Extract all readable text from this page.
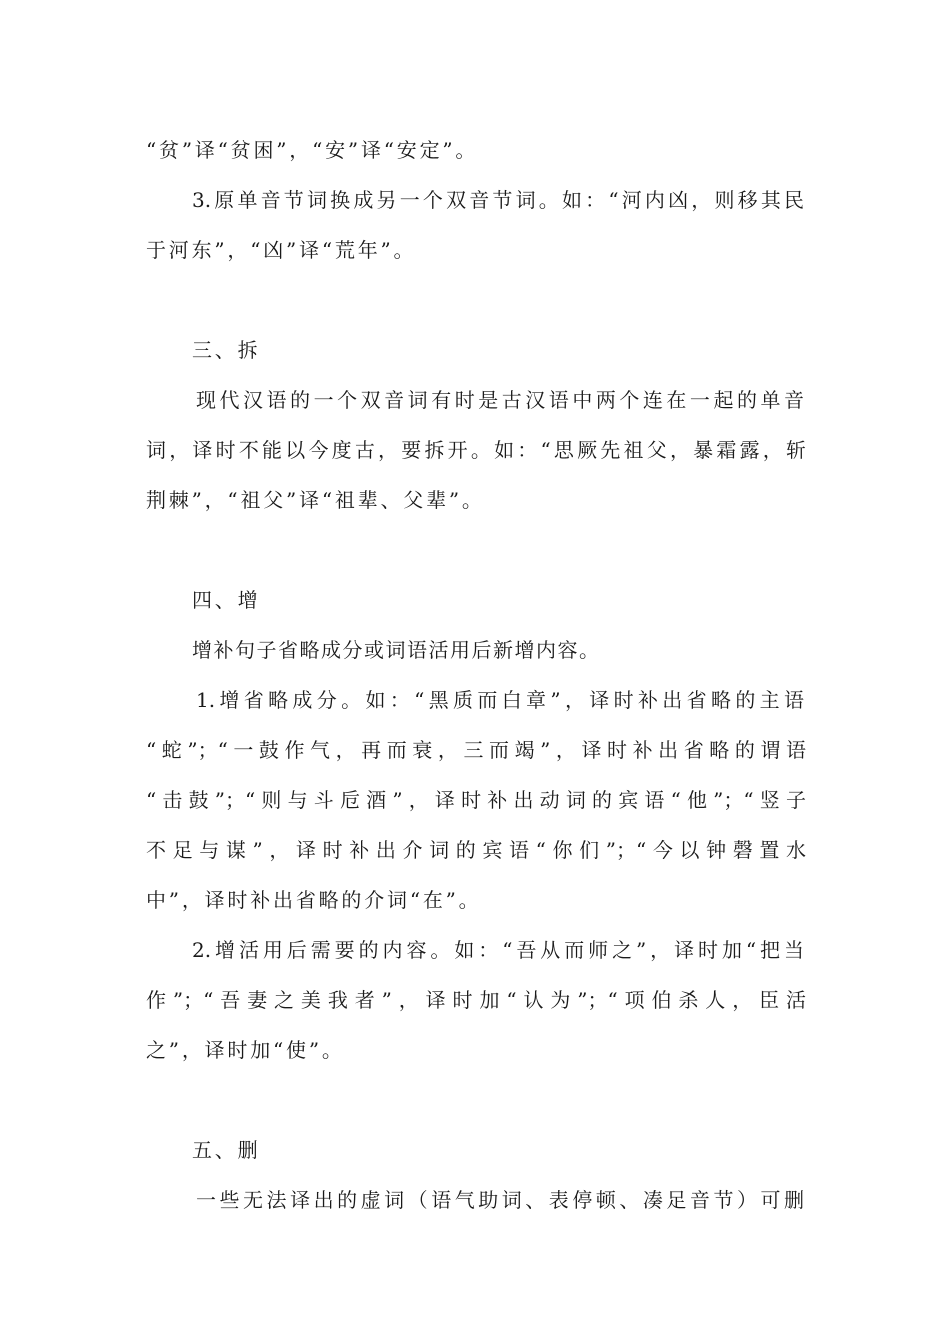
“贫”译“贫困”，“安”译“安定”。
3.原单音节词换成另一个双音节词。如：“河内凶，则移其民
于河东”，“凶”译“荒年”。
三、拆
现代汉语的一个双音词有时是古汉语中两个连在一起的单音
词，译时不能以今度古，要拆开。如：“思厥先祖父，暴霜露，斩
荆棘”，“祖父”译“祖辈、父辈”。
四、增
增补句子省略成分或词语活用后新增内容。
1.增省略成分。如：“黑质而白章”，译时补出省略的主语
“蛇”；“一鼓作气，再而衰，三而竭”，译时补出省略的谓语
“击鼓”；“则与斗卮酒”，译时补出动词的宾语“他”；“竖子
不足与谋”，译时补出介词的宾语“你们”；“今以钟磬置水
中”，译时补出省略的介词“在”。
2.增活用后需要的内容。如：“吾从而师之”，译时加“把当
作”；“吾妻之美我者”，译时加“认为”；“项伯杀人，臣活
之”，译时加“使”。
五、删
一些无法译出的虚词（语气助词、表停顿、凑足音节）可删
